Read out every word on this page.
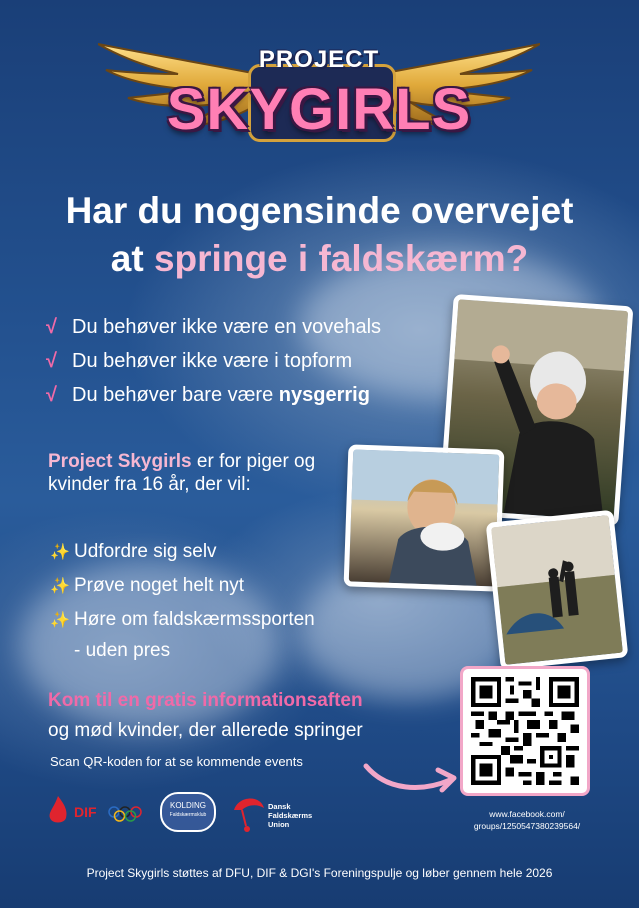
PROJECT
SKYGIRLS
Har du nogensinde overvejet
at springe i faldskærm?
√ Du behøver ikke være en vovehals
√ Du behøver ikke være i topform
√ Du behøver bare være nysgerrig
Project Skygirls er for piger og kvinder fra 16 år, der vil:
✨ Udfordre sig selv
✨ Prøve noget helt nyt
✨ Høre om faldskærmssporten
- uden pres
Kom til en gratis informationsaften
og mød kvinder, der allerede springer
Scan QR-koden for at se kommende events
www.facebook.com/
groups/1250547380239564/
DIF	KOLDING
Faldskærmsklub
Dansk
Faldskærms
Union
Project Skygirls støttes af DFU, DIF & DGI's Foreningspulje og løber gennem hele 2026
